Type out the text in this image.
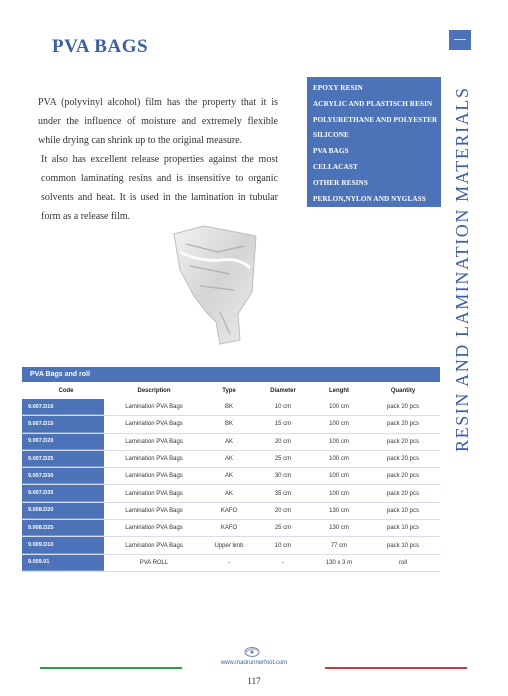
PVA BAGS
RESIN AND LAMINATION MATERIALS

PVA (polyvinyl alcohol) film has the property that it is under the influence of moisture and extremely flexible while drying can shrink up to the original measure.

It also has excellent release properties against the most common laminating resins and is insensitive to organic solvents and heat. It is used in the lamination in tubular form as a release film.

EPOXY RESIN
ACRYLIC AND PLASTISCH RESIN
POLYURETHANE AND POLYESTER
SILICONE
PVA BAGS
CELLACAST
OTHER RESINS
PERLON,NYLON AND NYGLASS
PVA Bags and roll
Code	Description	Type	Diameter	Lenght	Quantity
9.007.D10	Lamination PVA Bags	BK	10 cm	100 cm	pack 20 pcs
9.007.D15	Lamination PVA Bags	BK	15 cm	100 cm	pack 20 pcs
9.007.D20	Lamination PVA Bags	AK	20 cm	100 cm	pack 20 pcs
9.007.D25	Lamination PVA Bags	AK	25 cm	100 cm	pack 20 pcs
9.007.D30	Lamination PVA Bags	AK	30 cm	100 cm	pack 20 pcs
9.007.D35	Lamination PVA Bags	AK	35 cm	100 cm	pack 20 pcs
9.008.D20	Lamination PVA Bags	KAFO	20 cm	130 cm	pack 10 pcs
9.008.D25	Lamination PVA Bags	KAFO	25 cm	130 cm	pack 10 pcs
9.009.D10	Lamination PVA Bags	Upper limb	10 cm	77 cm	pack 10 pcs
9.009.01	PVA ROLL	-	-	130 x 3 m	roll
www.madrunnerfoot.com
117
